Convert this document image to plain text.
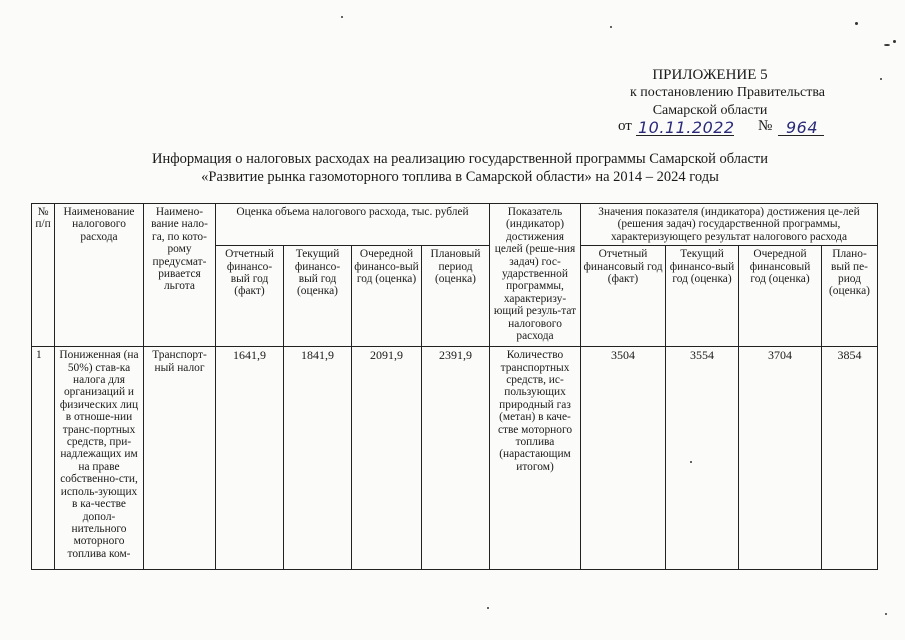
ПРИЛОЖЕНИЕ 5
к постановлению Правительства
Самарской области
от 10.11.2022 № 964
Информация о налоговых расходах на реализацию государственной программы Самарской области
«Развитие рынка газомоторного топлива в Самарской области» на 2014 – 2024 годы
№ п/п	Наименование налогового расхода	Наимено-вание нало-га, по кото-рому предусмат-ривается льгота	Оценка объема налогового расхода, тыс. рублей				Показатель (индикатор) достижения целей (реше-ния задач) гос-ударственной программы, характеризу-ющий резуль-тат налогового расхода	Значения показателя (индикатора) достижения це-лей (решения задач) государственной программы, характеризующего результат налогового расхода			
			Отчетный финансо-вый год (факт)	Текущий финансо-вый год (оценка)	Очередной финансо-вый год (оценка)	Плановый период (оценка)		Отчетный финансовый год (факт)	Текущий финансо-вый год (оценка)	Очередной финансовый год (оценка)	Плано-вый пе-риод (оценка)
1	Пониженная (на 50%) став-ка налога для организаций и физических лиц в отноше-нии транс-портных средств, при-надлежащих им на праве собственно-сти, исполь-зующих в ка-честве допол-нительного моторного топлива ком-	Транспорт-ный налог	1641,9	1841,9	2091,9	2391,9	Количество транспортных средств, ис-пользующих природный газ (метан) в каче-стве моторного топлива (нарастающим итогом)	3504	3554	3704	3854
